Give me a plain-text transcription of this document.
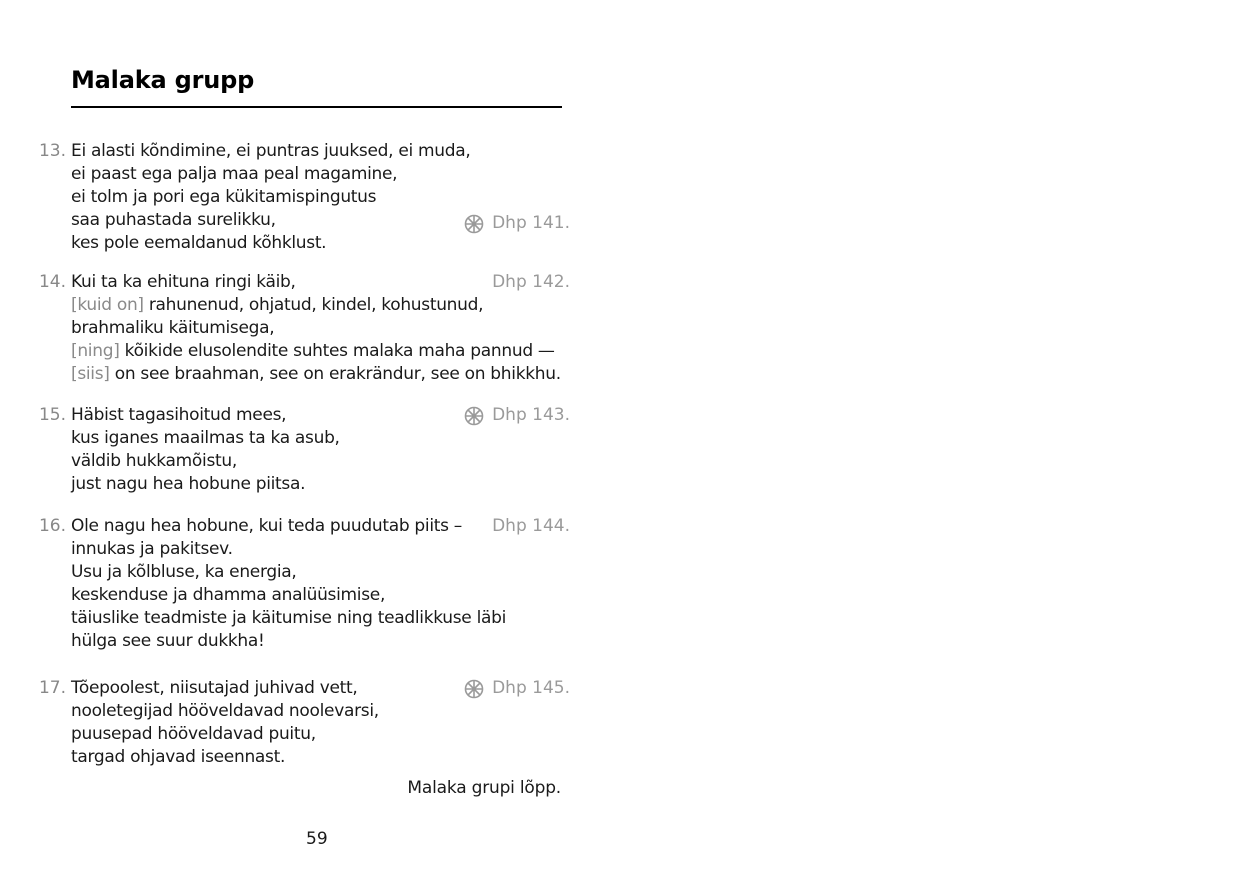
Malaka grupp
13. Ei alasti kõndimine, ei puntras juuksed, ei muda,
ei paast ega palja maa peal magamine,
ei tolm ja pori ega kükitamispingutus
saa puhastada surelikku,
kes pole eemaldanud kõhklust.
Dhp 141.
14. Kui ta ka ehituna ringi käib,
[kuid on] rahunenud, ohjatud, kindel, kohustunud,
brahmaliku käitumisega,
[ning] kõikide elusolendite suhtes malaka maha pannud —
[siis] on see braahman, see on erakrändur, see on bhikkhu.
Dhp 142.
15. Häbist tagasihoitud mees,
kus iganes maailmas ta ka asub,
väldib hukkamõistu,
just nagu hea hobune piitsa.
Dhp 143.
16. Ole nagu hea hobune, kui teda puudutab piits –
innukas ja pakitsev.
Usu ja kõlbluse, ka energia,
keskenduse ja dhamma analüüsimise,
täiuslike teadmiste ja käitumise ning teadlikkuse läbi
hülga see suur dukkha!
Dhp 144.
17. Tõepoolest, niisutajad juhivad vett,
nooletegijad hööveldavad noolevarsi,
puusepad hööveldavad puitu,
targad ohjavad iseennast.
Dhp 145.
Malaka grupi lõpp.
59
